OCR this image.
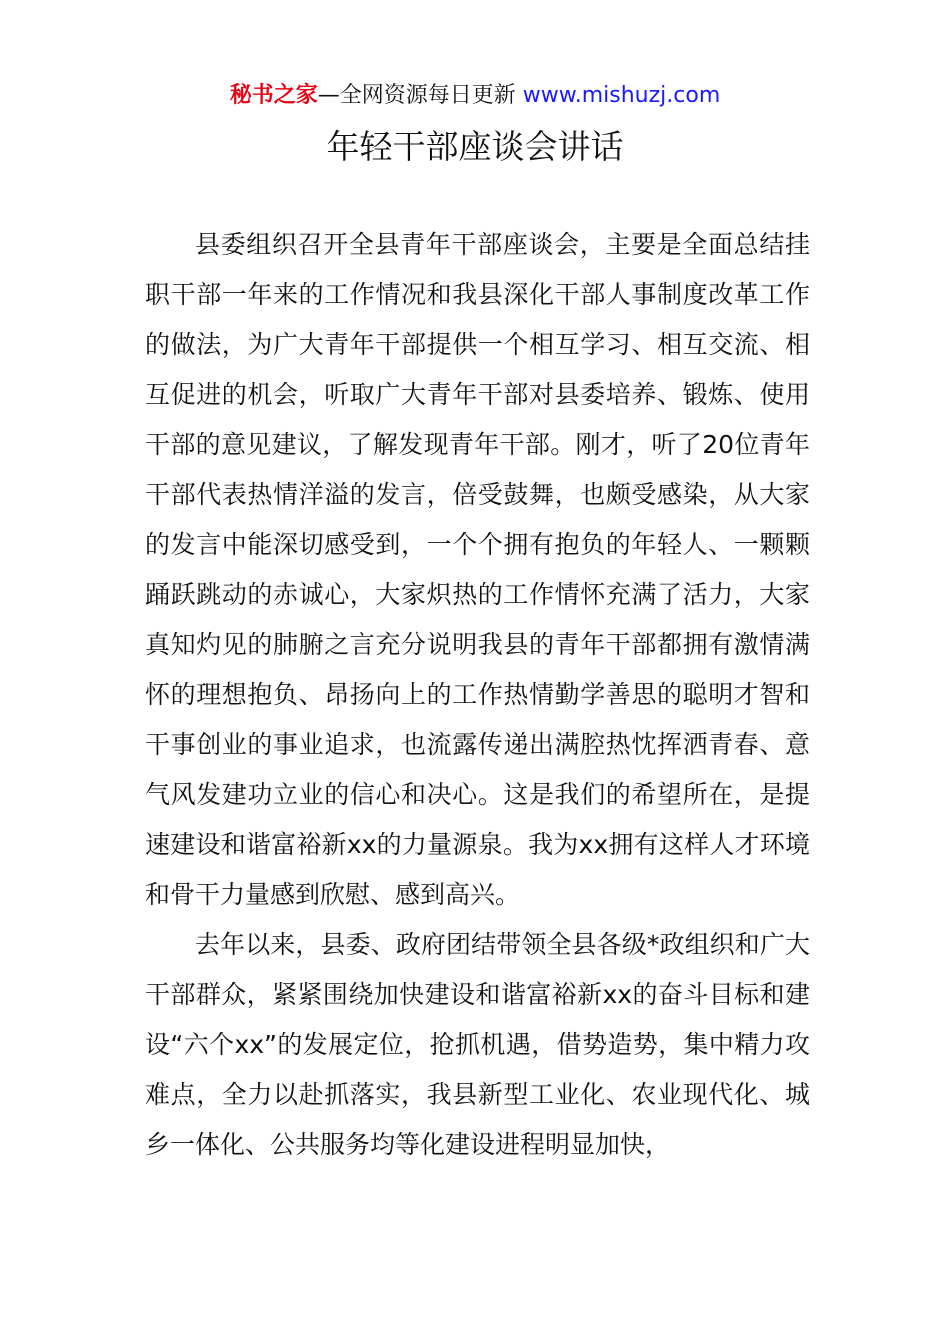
秘书之家—全网资源每日更新 www.mishuzj.com
年轻干部座谈会讲话

县委组织召开全县青年干部座谈会，主要是全面总结挂职干部一年来的工作情况和我县深化干部人事制度改革工作的做法，为广大青年干部提供一个相互学习、相互交流、相互促进的机会，听取广大青年干部对县委培养、锻炼、使用干部的意见建议，了解发现青年干部。刚才，听了20位青年干部代表热情洋溢的发言，倍受鼓舞，也颇受感染，从大家的发言中能深切感受到，一个个拥有抱负的年轻人、一颗颗踊跃跳动的赤诚心，大家炽热的工作情怀充满了活力，大家真知灼见的肺腑之言充分说明我县的青年干部都拥有激情满怀的理想抱负、昂扬向上的工作热情勤学善思的聪明才智和干事创业的事业追求，也流露传递出满腔热忱挥洒青春、意气风发建功立业的信心和决心。这是我们的希望所在，是提速建设和谐富裕新xx的力量源泉。我为xx拥有这样人才环境和骨干力量感到欣慰、感到高兴。

去年以来，县委、政府团结带领全县各级*政组织和广大干部群众，紧紧围绕加快建设和谐富裕新xx的奋斗目标和建设“六个xx”的发展定位，抢抓机遇，借势造势，集中精力攻难点，全力以赴抓落实，我县新型工业化、农业现代化、城乡一体化、公共服务均等化建设进程明显加快，
